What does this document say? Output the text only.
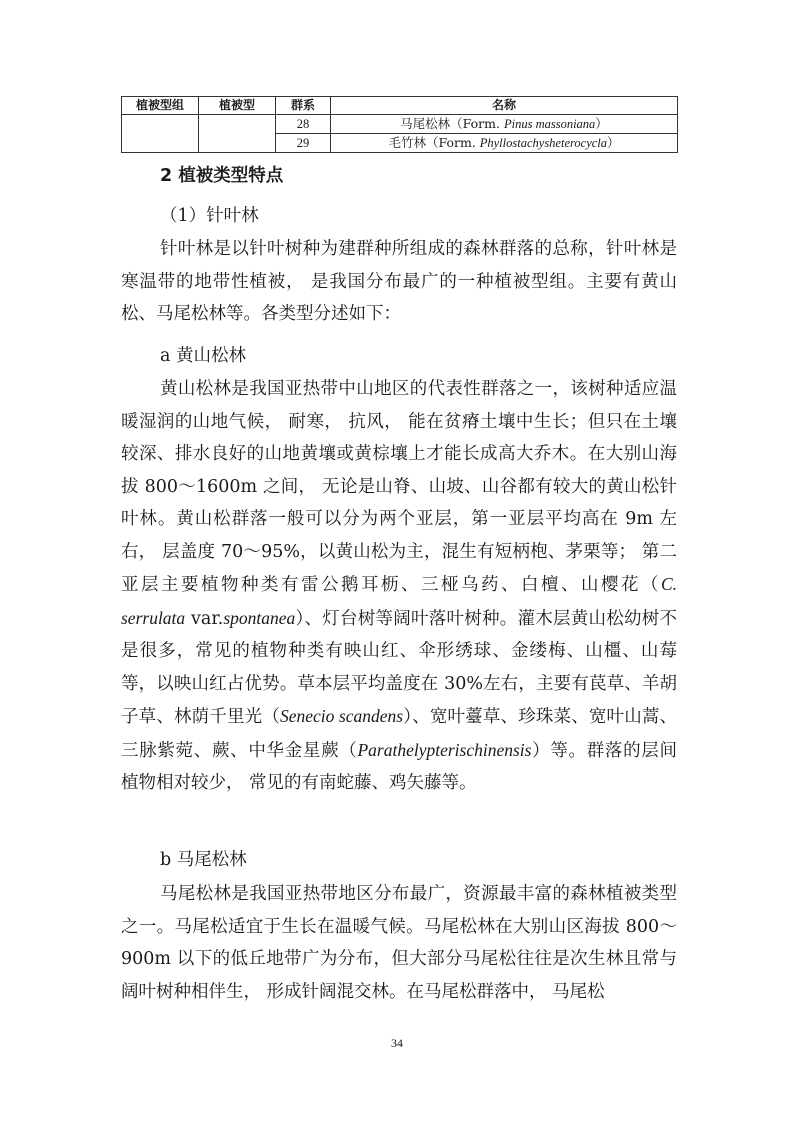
植被型组	植被型	群系	名称
		28	马尾松林（Form. Pinus massoniana）
		29	毛竹林（Form. Phyllostachysheterocycla）
2 植被类型特点

（1）针叶林

针叶林是以针叶树种为建群种所组成的森林群落的总称，针叶林是寒温带的地带性植被， 是我国分布最广的一种植被型组。主要有黄山松、马尾松林等。各类型分述如下：

a 黄山松林

黄山松林是我国亚热带中山地区的代表性群落之一，该树种适应温暖湿润的山地气候， 耐寒， 抗风， 能在贫瘠土壤中生长；但只在土壤较深、排水良好的山地黄壤或黄棕壤上才能长成高大乔木。在大别山海拔 800～1600m 之间， 无论是山脊、山坡、山谷都有较大的黄山松针叶林。黄山松群落一般可以分为两个亚层，第一亚层平均高在 9m 左右， 层盖度 70～95%，以黄山松为主，混生有短柄枹、茅栗等； 第二亚层主要植物种类有雷公鹅耳枥、三桠乌药、白檀、山樱花（C. serrulata var.spontanea）、灯台树等阔叶落叶树种。灌木层黄山松幼树不是很多，常见的植物种类有映山红、伞形绣球、金缕梅、山橿、山莓等，以映山红占优势。草本层平均盖度在 30%左右，主要有苠草、羊胡子草、林荫千里光（Senecio scandens）、宽叶薹草、珍珠菜、宽叶山蒿、三脉紫菀、蕨、中华金星蕨（Parathelypterischinensis）等。群落的层间植物相对较少， 常见的有南蛇藤、鸡矢藤等。

b 马尾松林

马尾松林是我国亚热带地区分布最广，资源最丰富的森林植被类型之一。马尾松适宜于生长在温暖气候。马尾松林在大别山区海拔 800～900m 以下的低丘地带广为分布，但大部分马尾松往往是次生林且常与阔叶树种相伴生， 形成针阔混交林。在马尾松群落中， 马尾松

34
